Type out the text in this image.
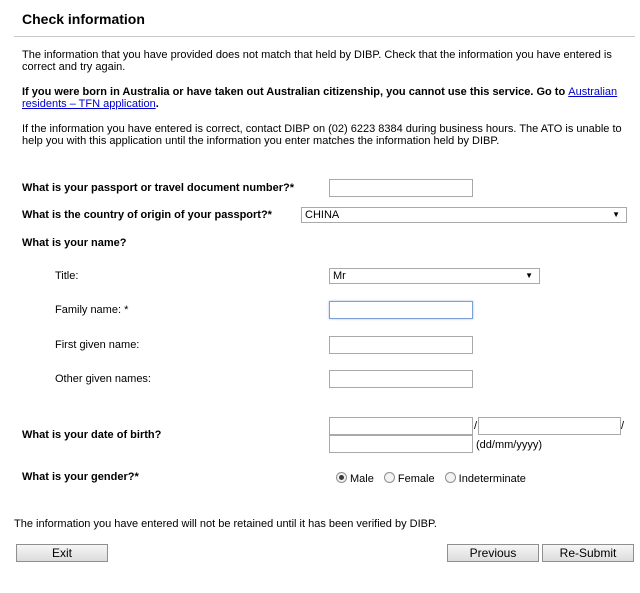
Check information
The information that you have provided does not match that held by DIBP. Check that the information you have entered is correct and try again.
If you were born in Australia or have taken out Australian citizenship, you cannot use this service. Go to Australian residents – TFN application.
If the information you have entered is correct, contact DIBP on (02) 6223 8384 during business hours. The ATO is unable to help you with this application until the information you enter matches the information held by DIBP.
What is your passport or travel document number?*
What is the country of origin of your passport?*	CHINA	▼
What is your name?
Title:	Mr	▼
Family name: *
First given name:
Other given names:
What is your date of birth?
/	/
(dd/mm/yyyy)
What is your gender?*	Male Female Indeterminate
The information you have entered will not be retained until it has been verified by DIBP.
Exit	Previous	Re-Submit
